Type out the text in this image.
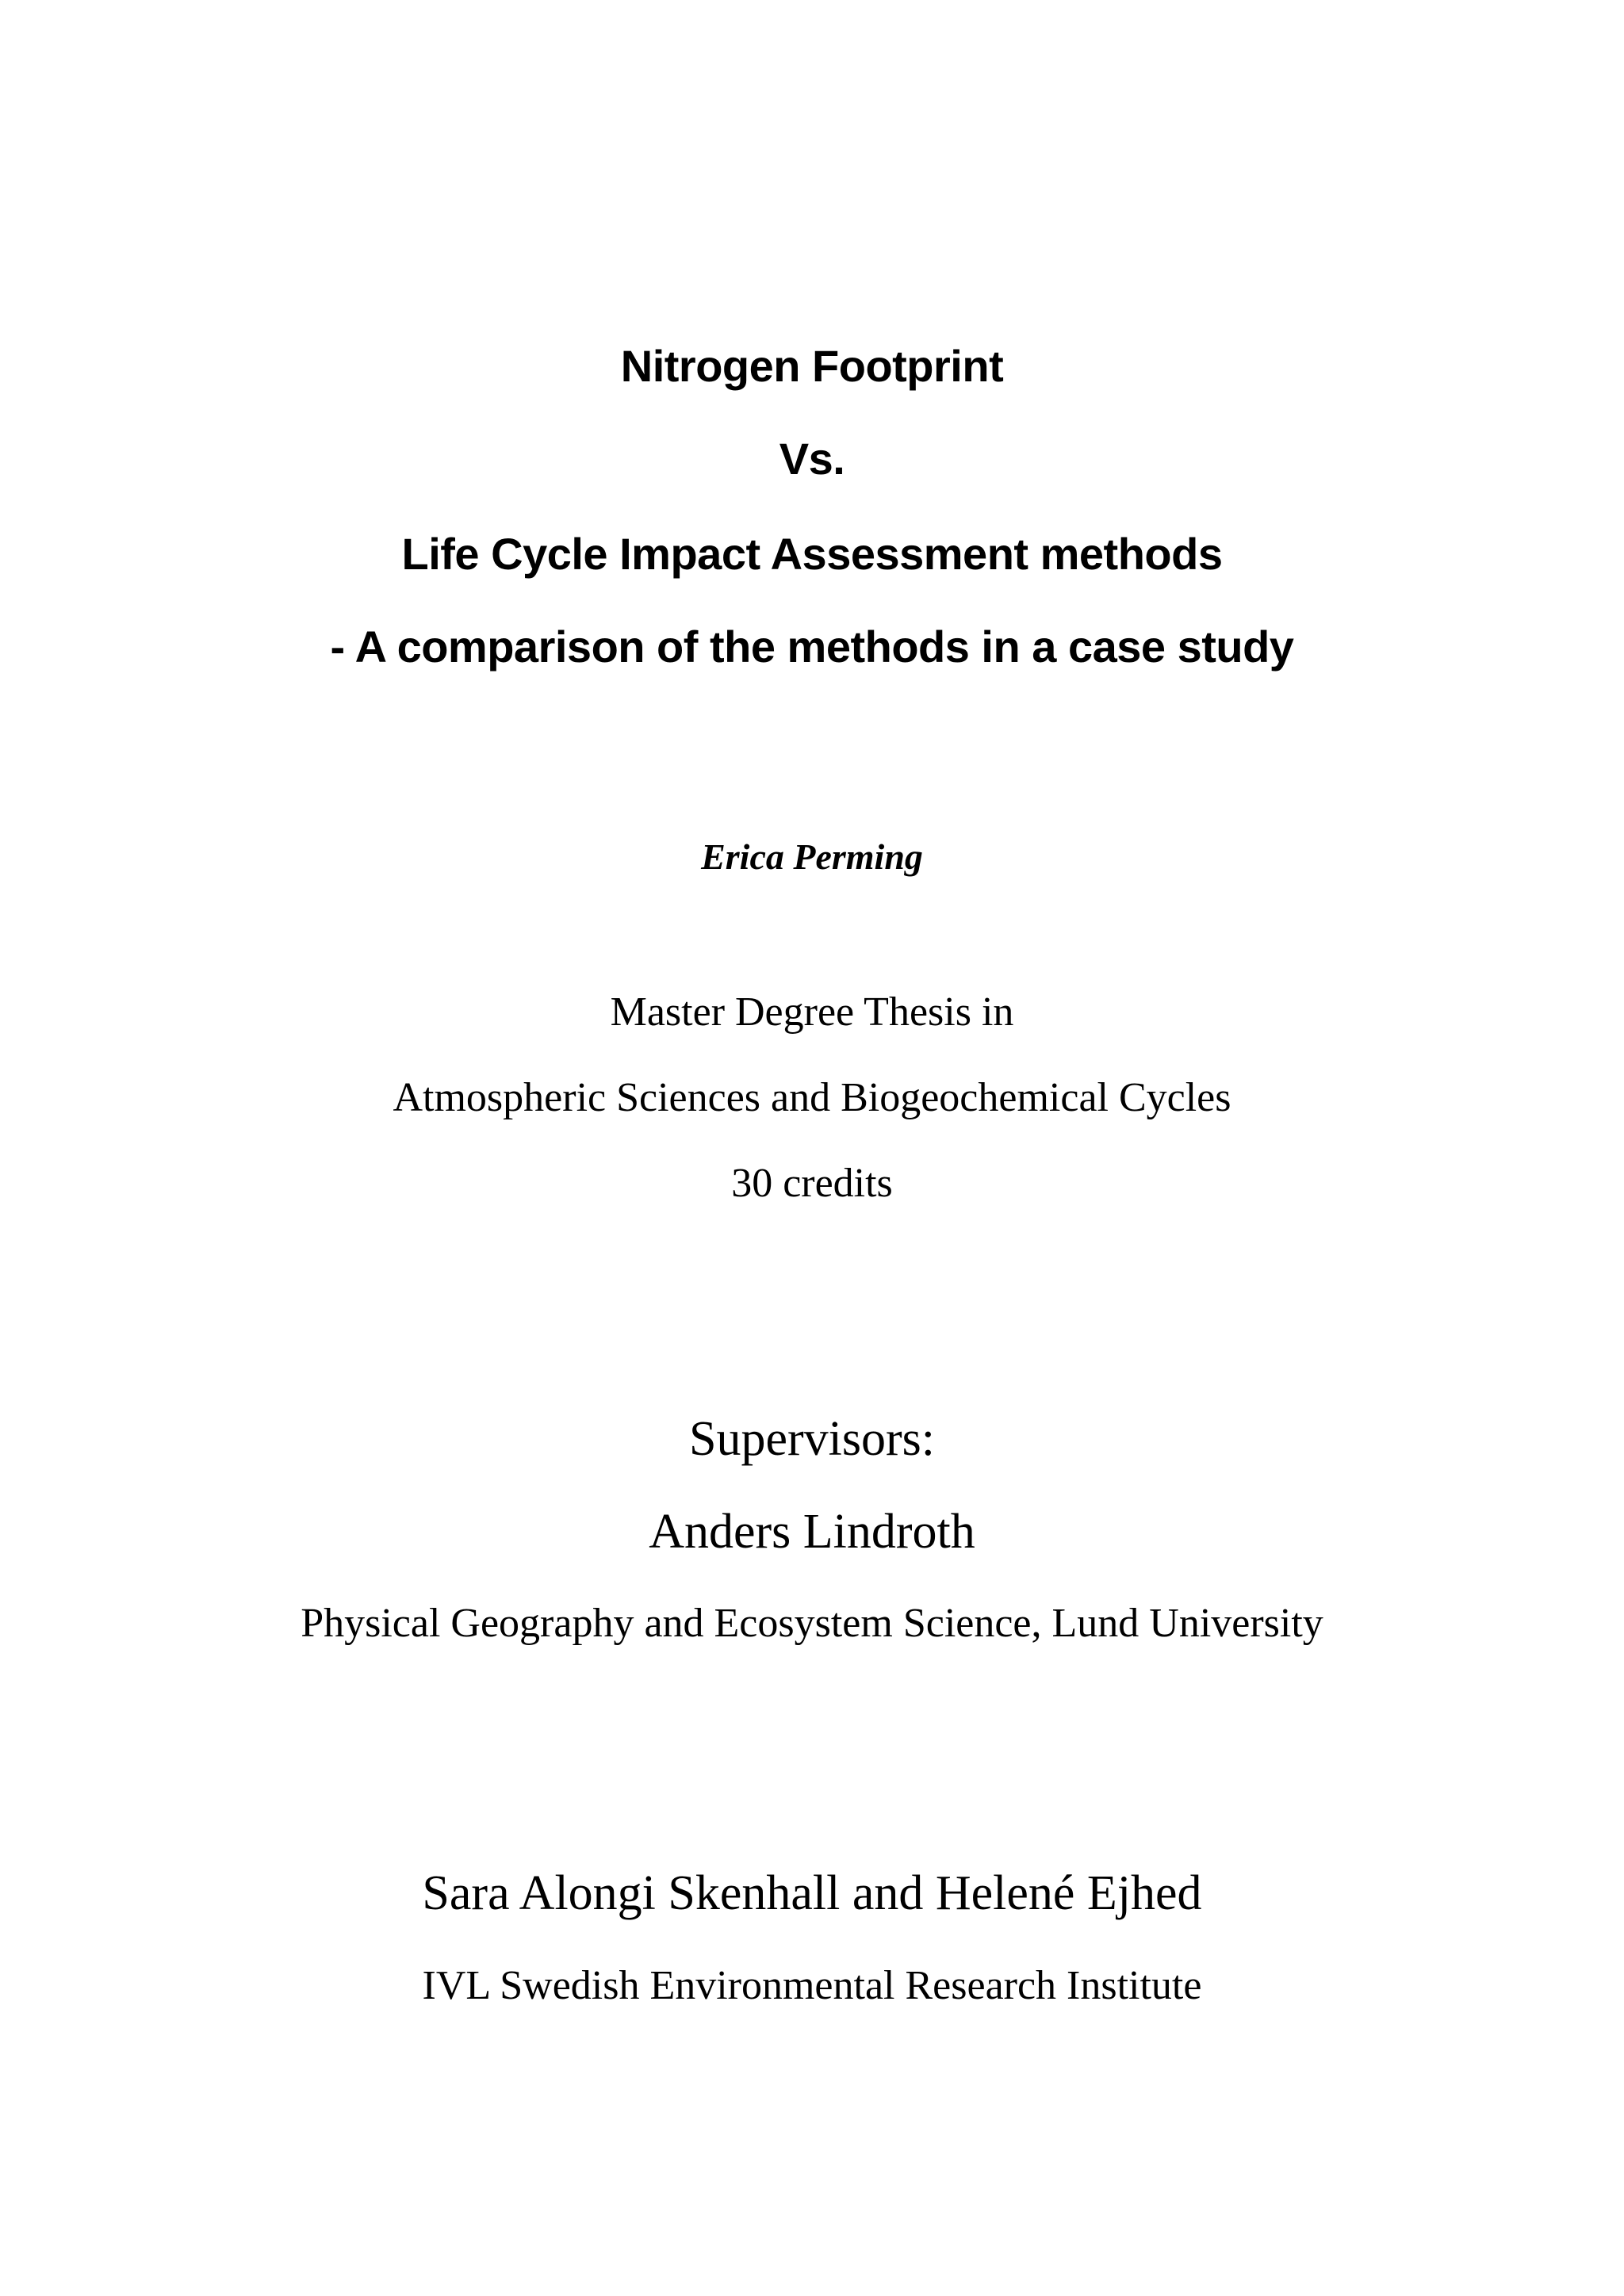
Nitrogen Footprint
Vs.
Life Cycle Impact Assessment methods
- A comparison of the methods in a case study
Erica Perming
Master Degree Thesis in
Atmospheric Sciences and Biogeochemical Cycles
30 credits
Supervisors:
Anders Lindroth
Physical Geography and Ecosystem Science, Lund University
Sara Alongi Skenhall and Helené Ejhed
IVL Swedish Environmental Research Institute
